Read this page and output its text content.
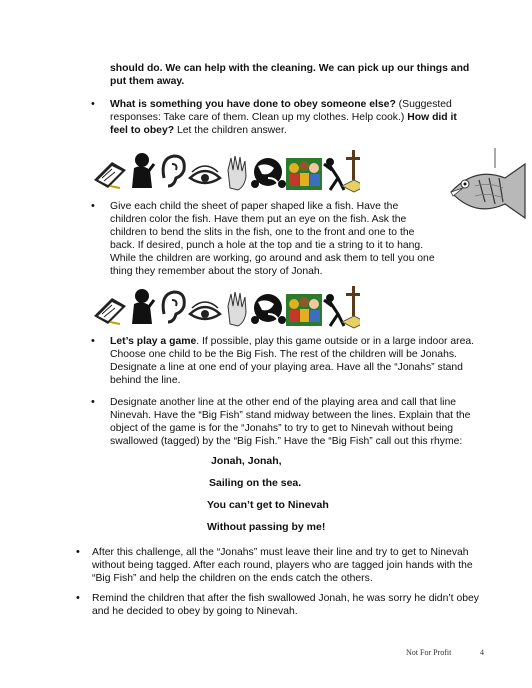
should do. We can help with the cleaning. We can pick up our things and
put them away.
• What is something you have done to obey someone else? (Suggested
responses: Take care of them. Clean up my clothes. Help cook.) How did it
feel to obey? Let the children answer.
• Give each child the sheet of paper shaped like a fish. Have the
children color the fish. Have them put an eye on the fish. Ask the
children to bend the slits in the fish, one to the front and one to the
back. If desired, punch a hole at the top and tie a string to it to hang.
While the children are working, go around and ask them to tell you one
thing they remember about the story of Jonah.
• Let’s play a game. If possible, play this game outside or in a large indoor area.
Choose one child to be the Big Fish. The rest of the children will be Jonahs.
Designate a line at one end of your playing area. Have all the “Jonahs” stand
behind the line.
• Designate another line at the other end of the playing area and call that line
Ninevah. Have the “Big Fish” stand midway between the lines. Explain that the
object of the game is for the “Jonahs” to try to get to Ninevah without being
swallowed (tagged) by the “Big Fish.” Have the “Big Fish” call out this rhyme:
Jonah, Jonah,
Sailing on the sea.
You can’t get to Ninevah
Without passing by me!
• After this challenge, all the “Jonahs” must leave their line and try to get to Ninevah
without being tagged. After each round, players who are tagged join hands with the
“Big Fish” and help the children on the ends catch the others.
• Remind the children that after the fish swallowed Jonah, he was sorry he didn’t obey
and he decided to obey by going to Ninevah.
Not For Profit	4
